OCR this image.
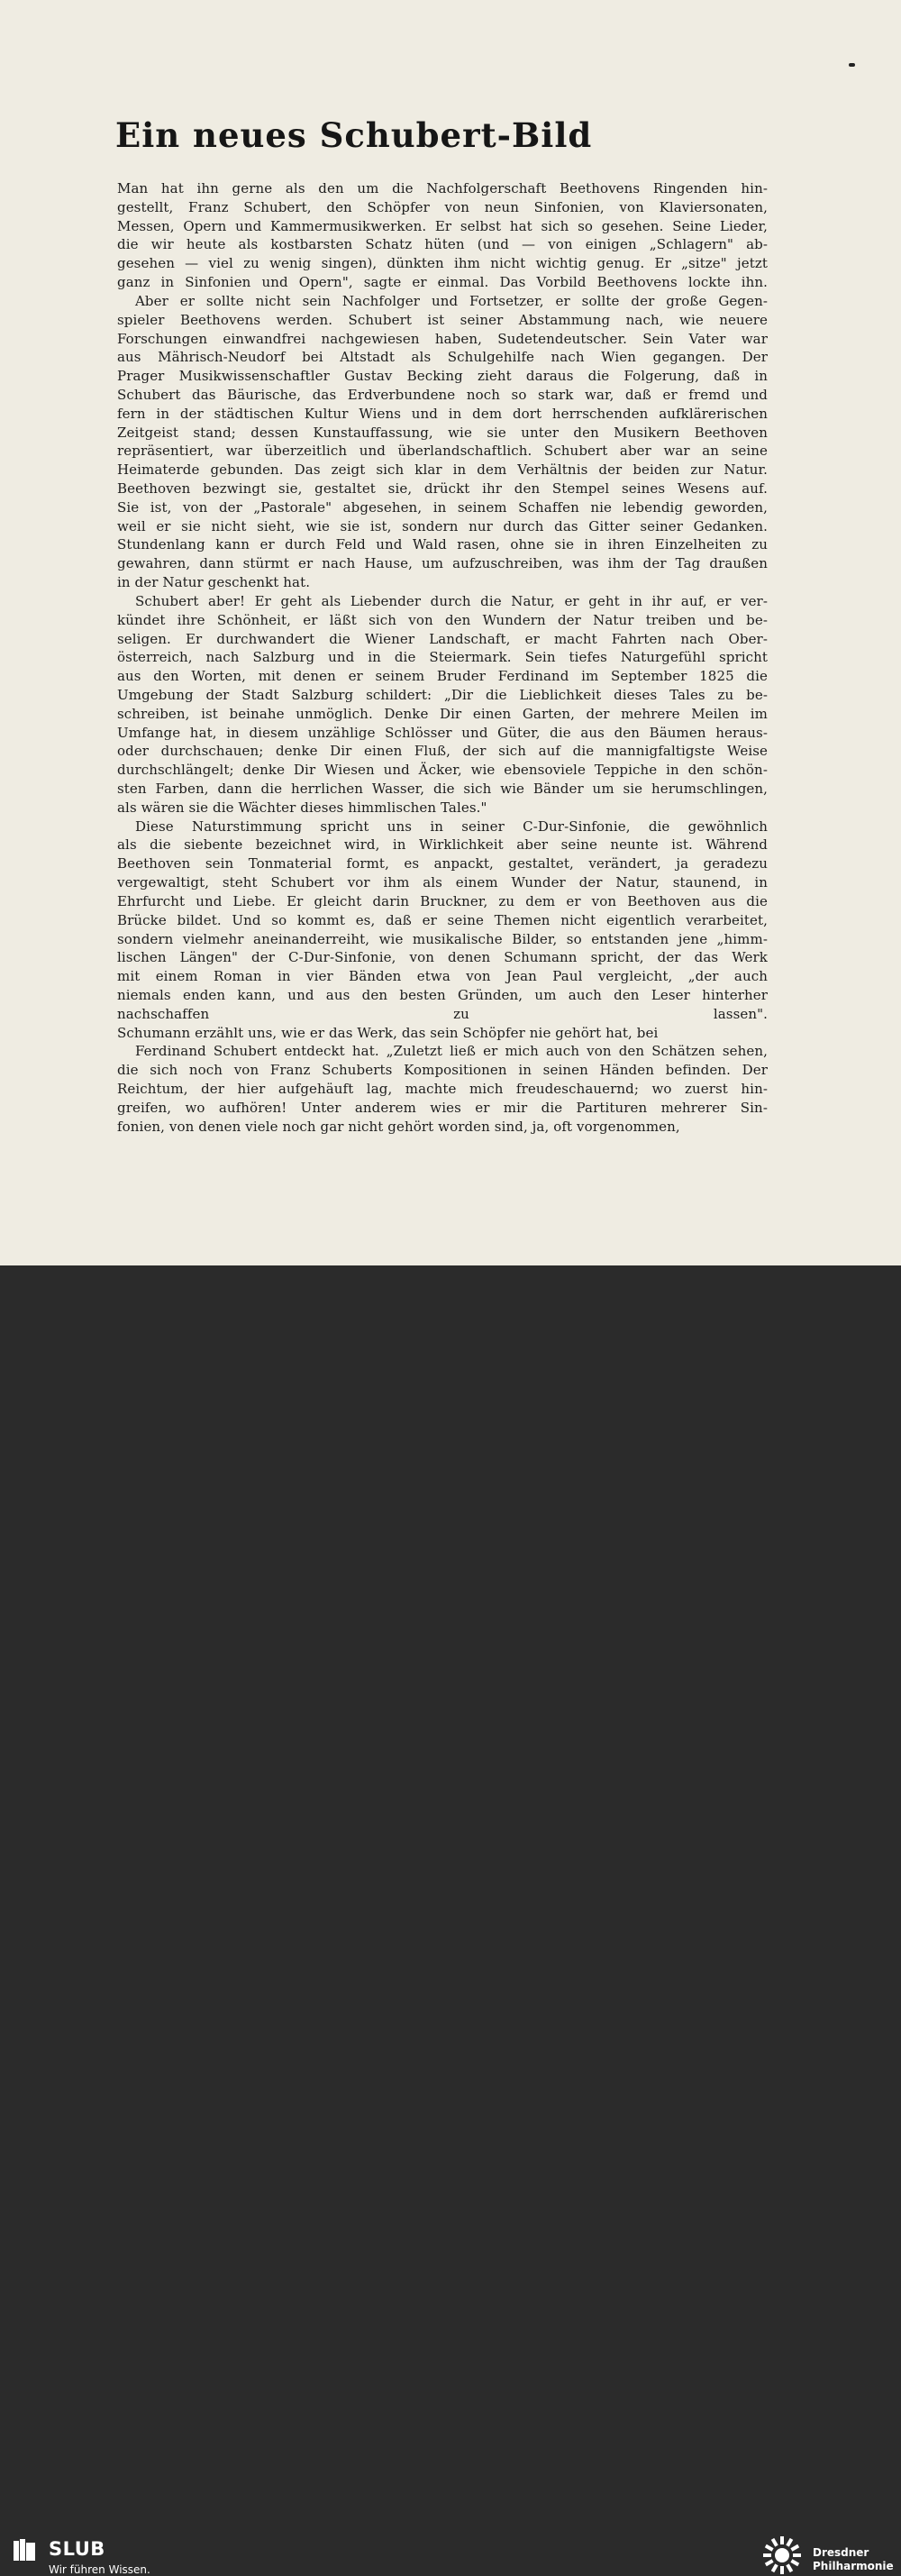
Ein neues Schubert-Bild
Man hat ihn gerne als den um die Nachfolgerschaft Beethovens Ringenden hin-
gestellt, Franz Schubert, den Schöpfer von neun Sinfonien, von Klaviersonaten,
Messen, Opern und Kammermusikwerken. Er selbst hat sich so gesehen. Seine Lieder,
die wir heute als kostbarsten Schatz hüten (und — von einigen „Schlagern" ab-
gesehen — viel zu wenig singen), dünkten ihm nicht wichtig genug. Er „sitze" jetzt
ganz in Sinfonien und Opern", sagte er einmal. Das Vorbild Beethovens lockte ihn.
Aber er sollte nicht sein Nachfolger und Fortsetzer, er sollte der große Gegen-
spieler Beethovens werden. Schubert ist seiner Abstammung nach, wie neuere
Forschungen einwandfrei nachgewiesen haben, Sudetendeutscher. Sein Vater war
aus Mährisch-Neudorf bei Altstadt als Schulgehilfe nach Wien gegangen. Der
Prager Musikwissenschaftler Gustav Becking zieht daraus die Folgerung, daß in
Schubert das Bäurische, das Erdverbundene noch so stark war, daß er fremd und
fern in der städtischen Kultur Wiens und in dem dort herrschenden aufklärerischen
Zeitgeist stand; dessen Kunstauffassung, wie sie unter den Musikern Beethoven
repräsentiert, war überzeitlich und überlandschaftlich. Schubert aber war an seine
Heimaterde gebunden. Das zeigt sich klar in dem Verhältnis der beiden zur Natur.
Beethoven bezwingt sie, gestaltet sie, drückt ihr den Stempel seines Wesens auf.
Sie ist, von der „Pastorale" abgesehen, in seinem Schaffen nie lebendig geworden,
weil er sie nicht sieht, wie sie ist, sondern nur durch das Gitter seiner Gedanken.
Stundenlang kann er durch Feld und Wald rasen, ohne sie in ihren Einzelheiten zu
gewahren, dann stürmt er nach Hause, um aufzuschreiben, was ihm der Tag draußen
in der Natur geschenkt hat.
Schubert aber! Er geht als Liebender durch die Natur, er geht in ihr auf, er ver-
kündet ihre Schönheit, er läßt sich von den Wundern der Natur treiben und be-
seligen. Er durchwandert die Wiener Landschaft, er macht Fahrten nach Ober-
österreich, nach Salzburg und in die Steiermark. Sein tiefes Naturgefühl spricht
aus den Worten, mit denen er seinem Bruder Ferdinand im September 1825 die
Umgebung der Stadt Salzburg schildert: „Dir die Lieblichkeit dieses Tales zu be-
schreiben, ist beinahe unmöglich. Denke Dir einen Garten, der mehrere Meilen im
Umfange hat, in diesem unzählige Schlösser und Güter, die aus den Bäumen heraus-
oder durchschauen; denke Dir einen Fluß, der sich auf die mannigfaltigste Weise
durchschlängelt; denke Dir Wiesen und Äcker, wie ebensoviele Teppiche in den schön-
sten Farben, dann die herrlichen Wasser, die sich wie Bänder um sie herumschlingen,
als wären sie die Wächter dieses himmlischen Tales."
Diese Naturstimmung spricht uns in seiner C-Dur-Sinfonie, die gewöhnlich
als die siebente bezeichnet wird, in Wirklichkeit aber seine neunte ist. Während
Beethoven sein Tonmaterial formt, es anpackt, gestaltet, verändert, ja geradezu
vergewaltigt, steht Schubert vor ihm als einem Wunder der Natur, staunend, in
Ehrfurcht und Liebe. Er gleicht darin Bruckner, zu dem er von Beethoven aus die
Brücke bildet. Und so kommt es, daß er seine Themen nicht eigentlich verarbeitet,
sondern vielmehr aneinanderreiht, wie musikalische Bilder, so entstanden jene „himm-
lischen Längen" der C-Dur-Sinfonie, von denen Schumann spricht, der das Werk
mit einem Roman in vier Bänden etwa von Jean Paul vergleicht, „der auch
niemals enden kann, und aus den besten Gründen, um auch den Leser hinterher
nachschaffen zu lassen".
Schumann erzählt uns, wie er das Werk, das sein Schöpfer nie gehört hat, bei
Ferdinand Schubert entdeckt hat. „Zuletzt ließ er mich auch von den Schätzen sehen,
die sich noch von Franz Schuberts Kompositionen in seinen Händen befinden. Der
Reichtum, der hier aufgehäuft lag, machte mich freudeschauernd; wo zuerst hin-
greifen, wo aufhören! Unter anderem wies er mir die Partituren mehrerer Sin-
fonien, von denen viele noch gar nicht gehört worden sind, ja, oft vorgenommen,
SLUB
Wir führen Wissen.
Dresdner
Philharmonie
